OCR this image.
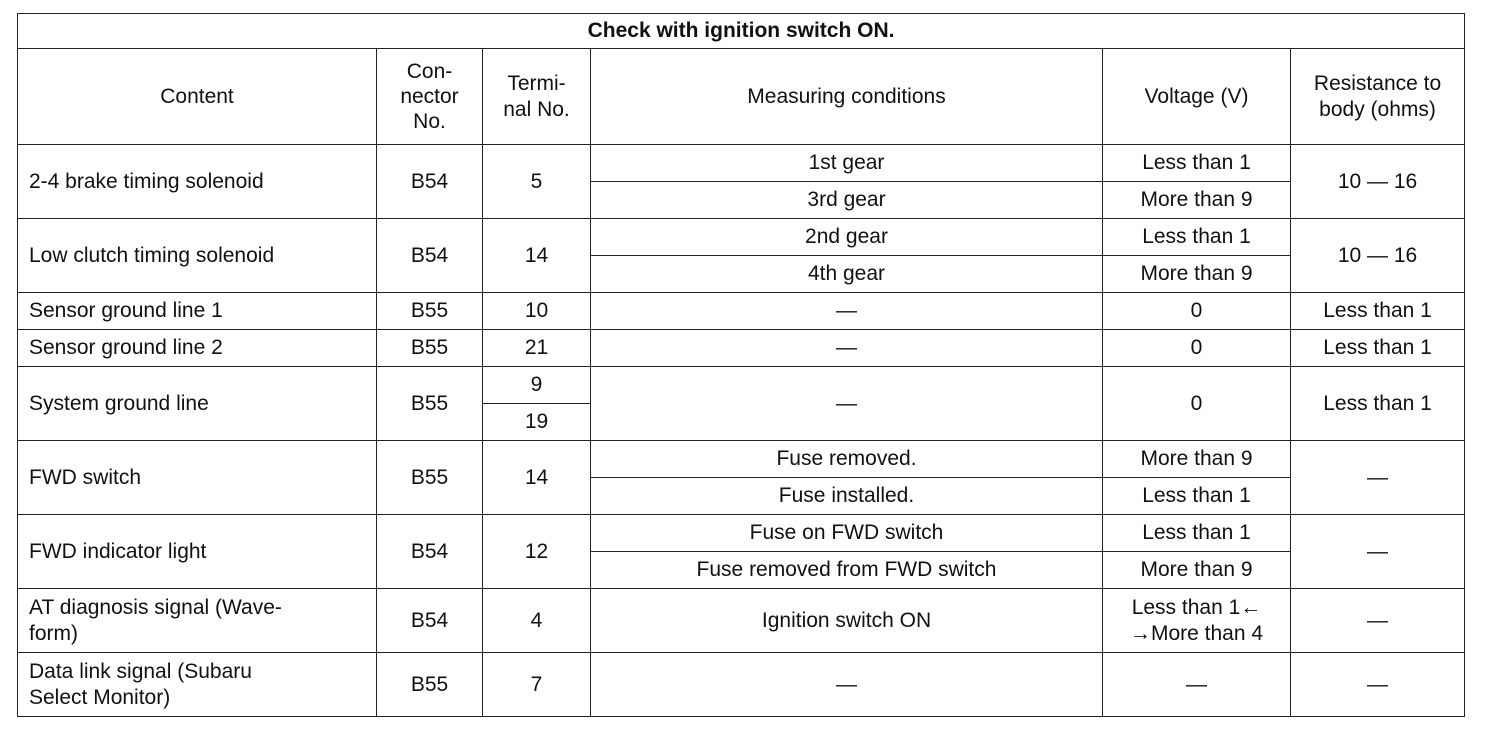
Check with ignition switch ON.					
Content	Con-
nector
No.	Termi-
nal No.	Measuring conditions	Voltage (V)	Resistance to
body (ohms)
2-4 brake timing solenoid	B54	5	1st gear	Less than 1	10 — 16
			3rd gear	More than 9	
Low clutch timing solenoid	B54	14	2nd gear	Less than 1	10 — 16
			4th gear	More than 9	
Sensor ground line 1	B55	10	—	0	Less than 1
Sensor ground line 2	B55	21	—	0	Less than 1
System ground line	B55	9	—	0	Less than 1
		19			
FWD switch	B55	14	Fuse removed.	More than 9	—
			Fuse installed.	Less than 1	
FWD indicator light	B54	12	Fuse on FWD switch	Less than 1	—
			Fuse removed from FWD switch	More than 9	
AT diagnosis signal (Wave-
form)	B54	4	Ignition switch ON	Less than 1←
→More than 4	—
Data link signal (Subaru
Select Monitor)	B55	7	—	—	—
